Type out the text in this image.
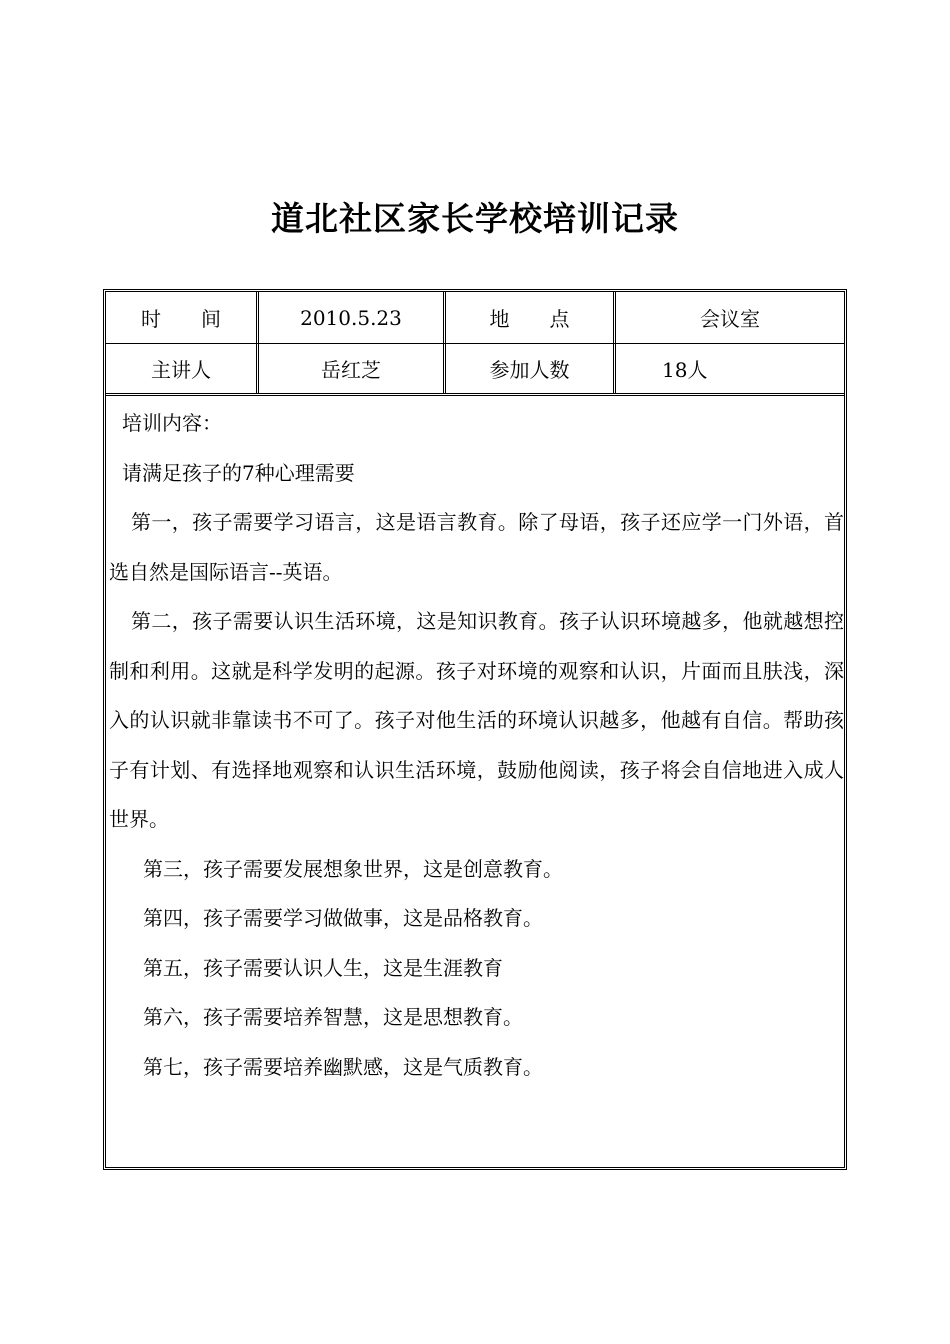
道北社区家长学校培训记录
时　　间	2010.5.23	地　　点	会议室
主讲人	岳红芝	参加人数	18人

培训内容：

请满足孩子的7种心理需要

第一，孩子需要学习语言，这是语言教育。除了母语，孩子还应学一门外语，首选自然是国际语言--英语。

第二，孩子需要认识生活环境，这是知识教育。孩子认识环境越多，他就越想控制和利用。这就是科学发明的起源。孩子对环境的观察和认识，片面而且肤浅，深入的认识就非靠读书不可了。孩子对他生活的环境认识越多，他越有自信。帮助孩子有计划、有选择地观察和认识生活环境，鼓励他阅读，孩子将会自信地进入成人世界。

第三，孩子需要发展想象世界，这是创意教育。

第四，孩子需要学习做做事，这是品格教育。

第五，孩子需要认识人生，这是生涯教育

第六，孩子需要培养智慧，这是思想教育。

第七，孩子需要培养幽默感，这是气质教育。
